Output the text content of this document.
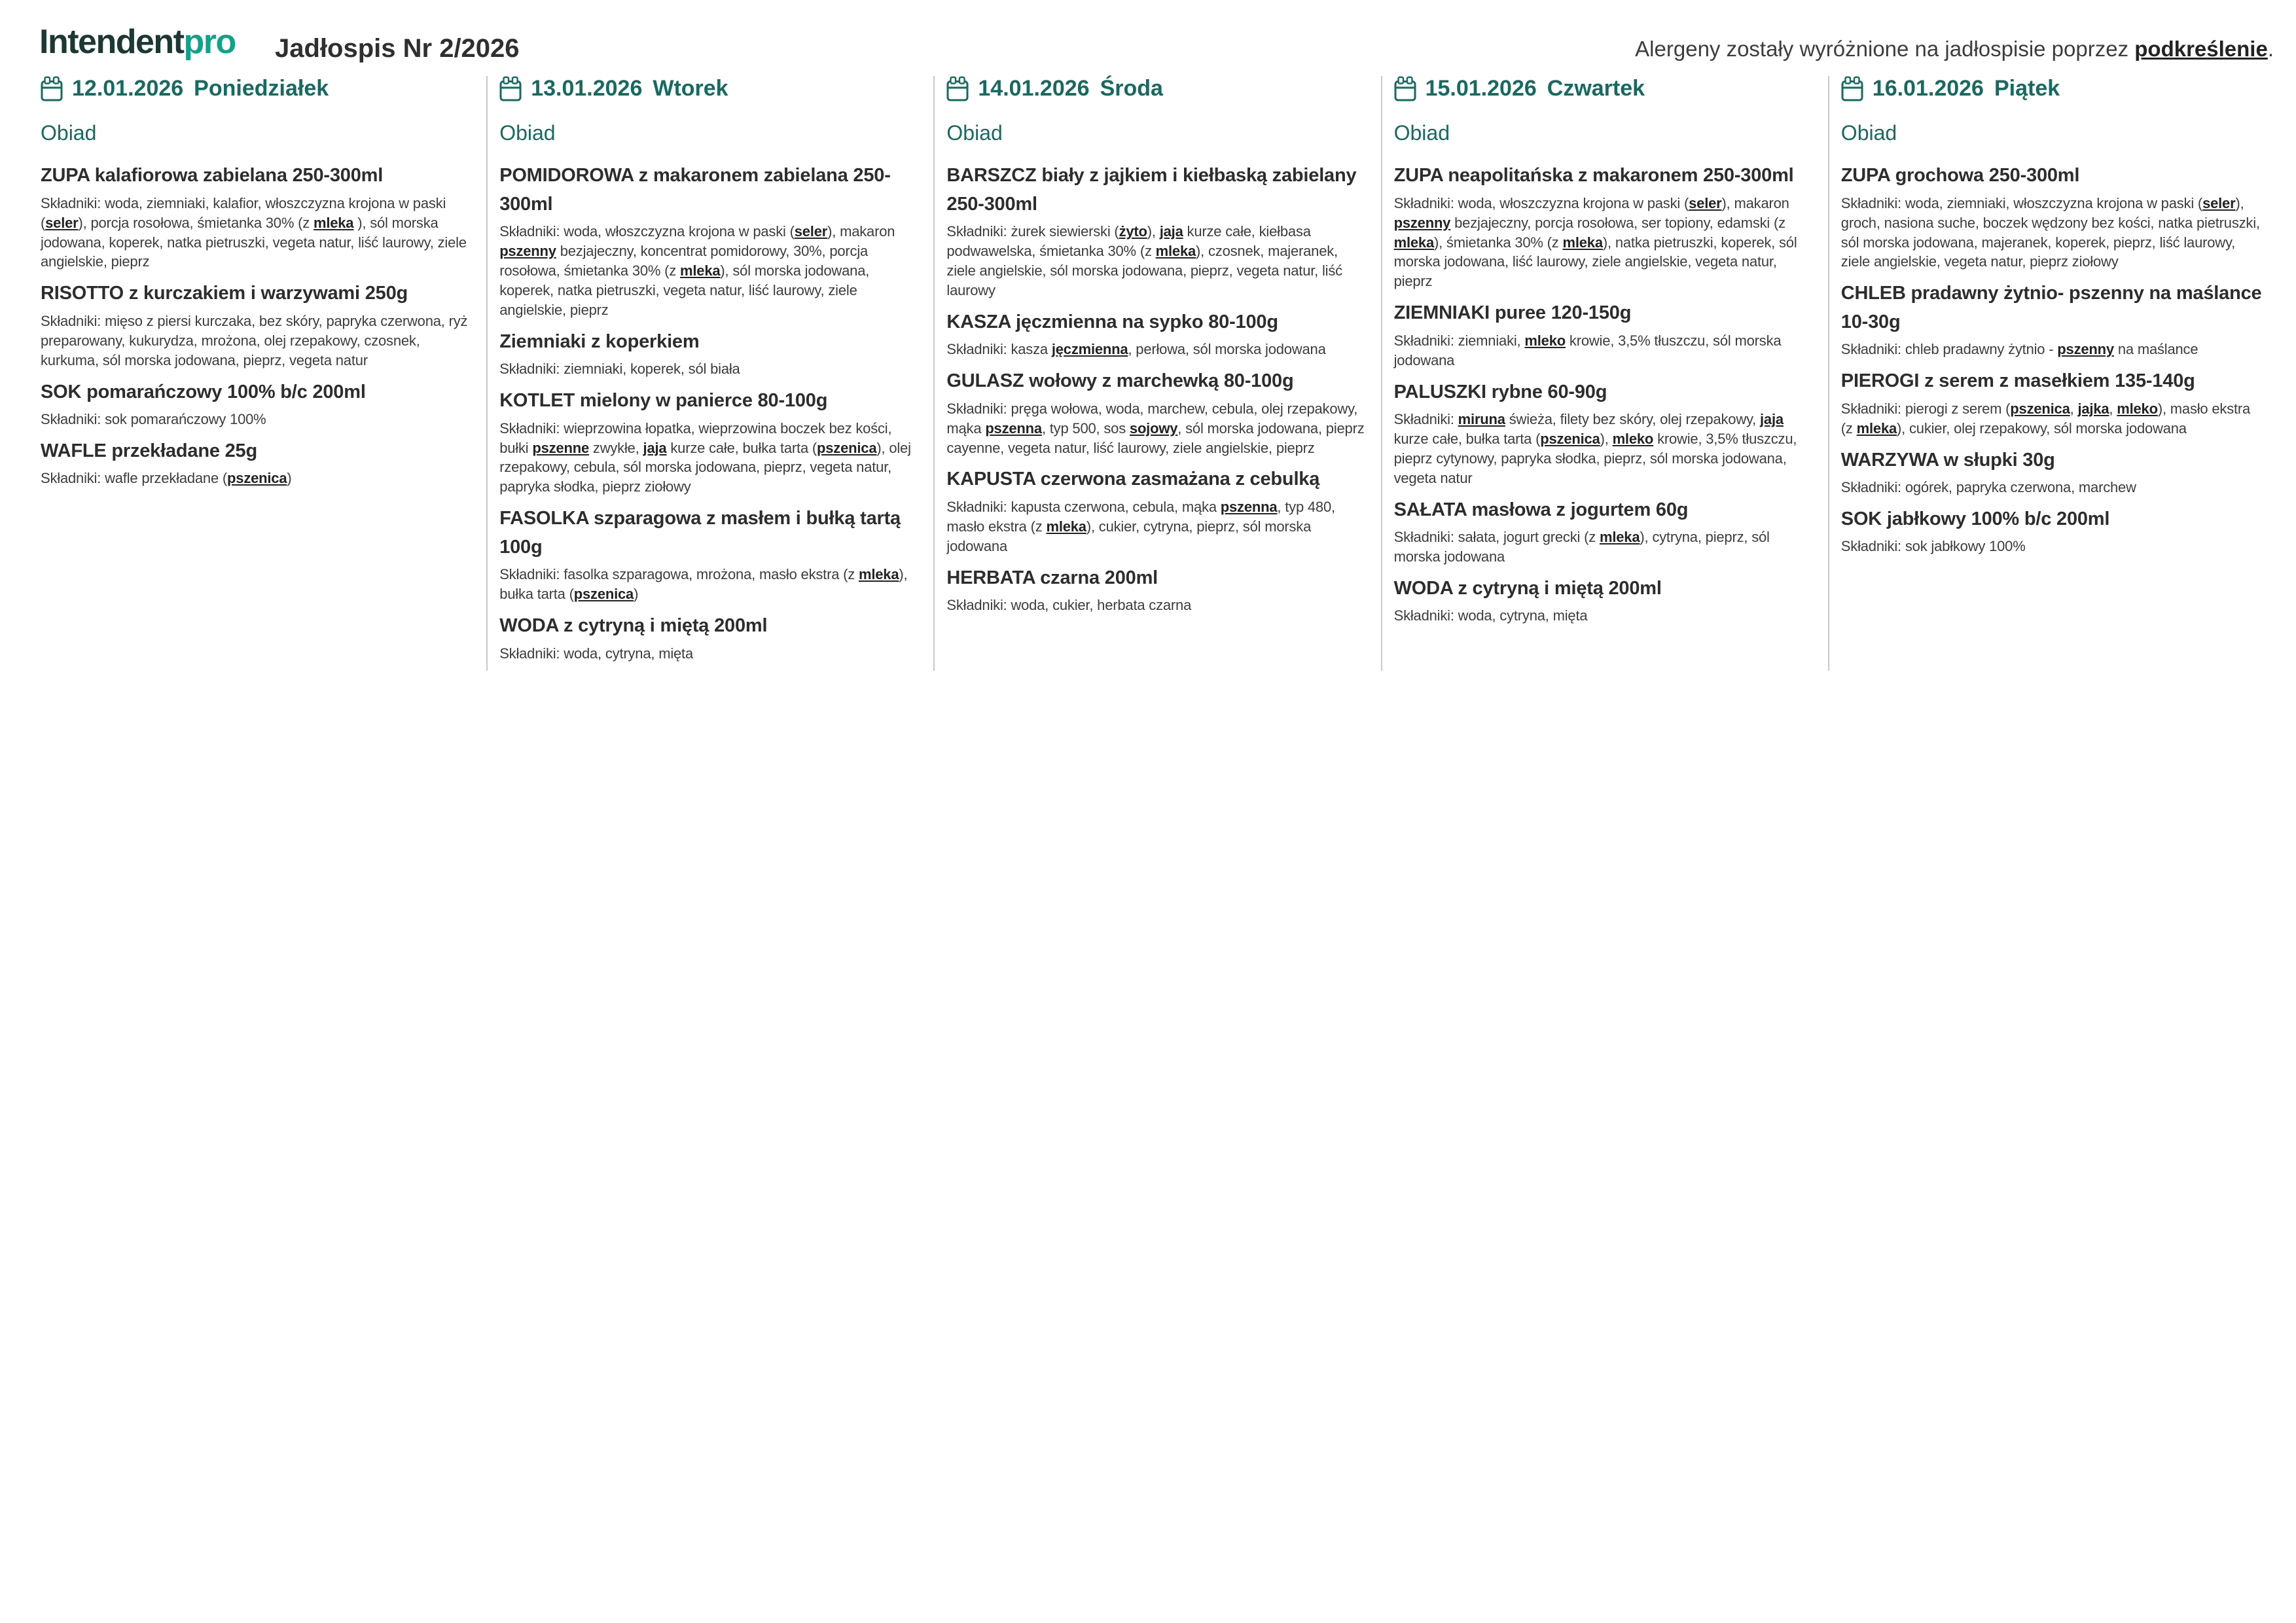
Intendentpro Jadłospis Nr 2/2026	Alergeny zostały wyróżnione na jadłospisie poprzez podkreślenie.

12.01.2026 Poniedziałek
Obiad
ZUPA kalafiorowa zabielana 250-300ml

Składniki: woda, ziemniaki, kalafior, włoszczyzna krojona w paski (seler), porcja rosołowa, śmietanka 30% (z mleka ), sól morska jodowana, koperek, natka pietruszki, vegeta natur, liść laurowy, ziele angielskie, pieprz

RISOTTO z kurczakiem i warzywami 250g

Składniki: mięso z piersi kurczaka, bez skóry, papryka czerwona, ryż preparowany, kukurydza, mrożona, olej rzepakowy, czosnek, kurkuma, sól morska jodowana, pieprz, vegeta natur

SOK pomarańczowy 100% b/c 200ml

Składniki: sok pomarańczowy 100%

WAFLE przekładane 25g

Składniki: wafle przekładane (pszenica)

13.01.2026 Wtorek
Obiad
POMIDOROWA z makaronem zabielana 250-300ml

Składniki: woda, włoszczyzna krojona w paski (seler), makaron pszenny bezjajeczny, koncentrat pomidorowy, 30%, porcja rosołowa, śmietanka 30% (z mleka), sól morska jodowana, koperek, natka pietruszki, vegeta natur, liść laurowy, ziele angielskie, pieprz

Ziemniaki z koperkiem

Składniki: ziemniaki, koperek, sól biała

KOTLET mielony w panierce 80-100g

Składniki: wieprzowina łopatka, wieprzowina boczek bez kości, bułki pszenne zwykłe, jaja kurze całe, bułka tarta (pszenica), olej rzepakowy, cebula, sól morska jodowana, pieprz, vegeta natur, papryka słodka, pieprz ziołowy

FASOLKA szparagowa z masłem i bułką tartą 100g

Składniki: fasolka szparagowa, mrożona, masło ekstra (z mleka), bułka tarta (pszenica)

WODA z cytryną i miętą 200ml

Składniki: woda, cytryna, mięta

14.01.2026 Środa
Obiad
BARSZCZ biały z jajkiem i kiełbaską zabielany 250-300ml

Składniki: żurek siewierski (żyto), jaja kurze całe, kiełbasa podwawelska, śmietanka 30% (z mleka), czosnek, majeranek, ziele angielskie, sól morska jodowana, pieprz, vegeta natur, liść laurowy

KASZA jęczmienna na sypko 80-100g

Składniki: kasza jęczmienna, perłowa, sól morska jodowana

GULASZ wołowy z marchewką 80-100g

Składniki: pręga wołowa, woda, marchew, cebula, olej rzepakowy, mąka pszenna, typ 500, sos sojowy, sól morska jodowana, pieprz cayenne, vegeta natur, liść laurowy, ziele angielskie, pieprz

KAPUSTA czerwona zasmażana z cebulką

Składniki: kapusta czerwona, cebula, mąka pszenna, typ 480, masło ekstra (z mleka), cukier, cytryna, pieprz, sól morska jodowana

HERBATA czarna 200ml

Składniki: woda, cukier, herbata czarna

15.01.2026 Czwartek
Obiad
ZUPA neapolitańska z makaronem 250-300ml

Składniki: woda, włoszczyzna krojona w paski (seler), makaron pszenny bezjajeczny, porcja rosołowa, ser topiony, edamski (z mleka), śmietanka 30% (z mleka), natka pietruszki, koperek, sól morska jodowana, liść laurowy, ziele angielskie, vegeta natur, pieprz

ZIEMNIAKI puree 120-150g

Składniki: ziemniaki, mleko krowie, 3,5% tłuszczu, sól morska jodowana

PALUSZKI rybne 60-90g

Składniki: miruna świeża, filety bez skóry, olej rzepakowy, jaja kurze całe, bułka tarta (pszenica), mleko krowie, 3,5% tłuszczu, pieprz cytynowy, papryka słodka, pieprz, sól morska jodowana, vegeta natur

SAŁATA masłowa z jogurtem 60g

Składniki: sałata, jogurt grecki (z mleka), cytryna, pieprz, sól morska jodowana

WODA z cytryną i miętą 200ml

Składniki: woda, cytryna, mięta

16.01.2026 Piątek
Obiad
ZUPA grochowa 250-300ml

Składniki: woda, ziemniaki, włoszczyzna krojona w paski (seler), groch, nasiona suche, boczek wędzony bez kości, natka pietruszki, sól morska jodowana, majeranek, koperek, pieprz, liść laurowy, ziele angielskie, vegeta natur, pieprz ziołowy

CHLEB pradawny żytnio- pszenny na maślance 10-30g

Składniki: chleb pradawny żytnio - pszenny na maślance

PIEROGI z serem z masełkiem 135-140g

Składniki: pierogi z serem (pszenica, jajka, mleko), masło ekstra (z mleka), cukier, olej rzepakowy, sól morska jodowana

WARZYWA w słupki 30g

Składniki: ogórek, papryka czerwona, marchew

SOK jabłkowy 100% b/c 200ml

Składniki: sok jabłkowy 100%
